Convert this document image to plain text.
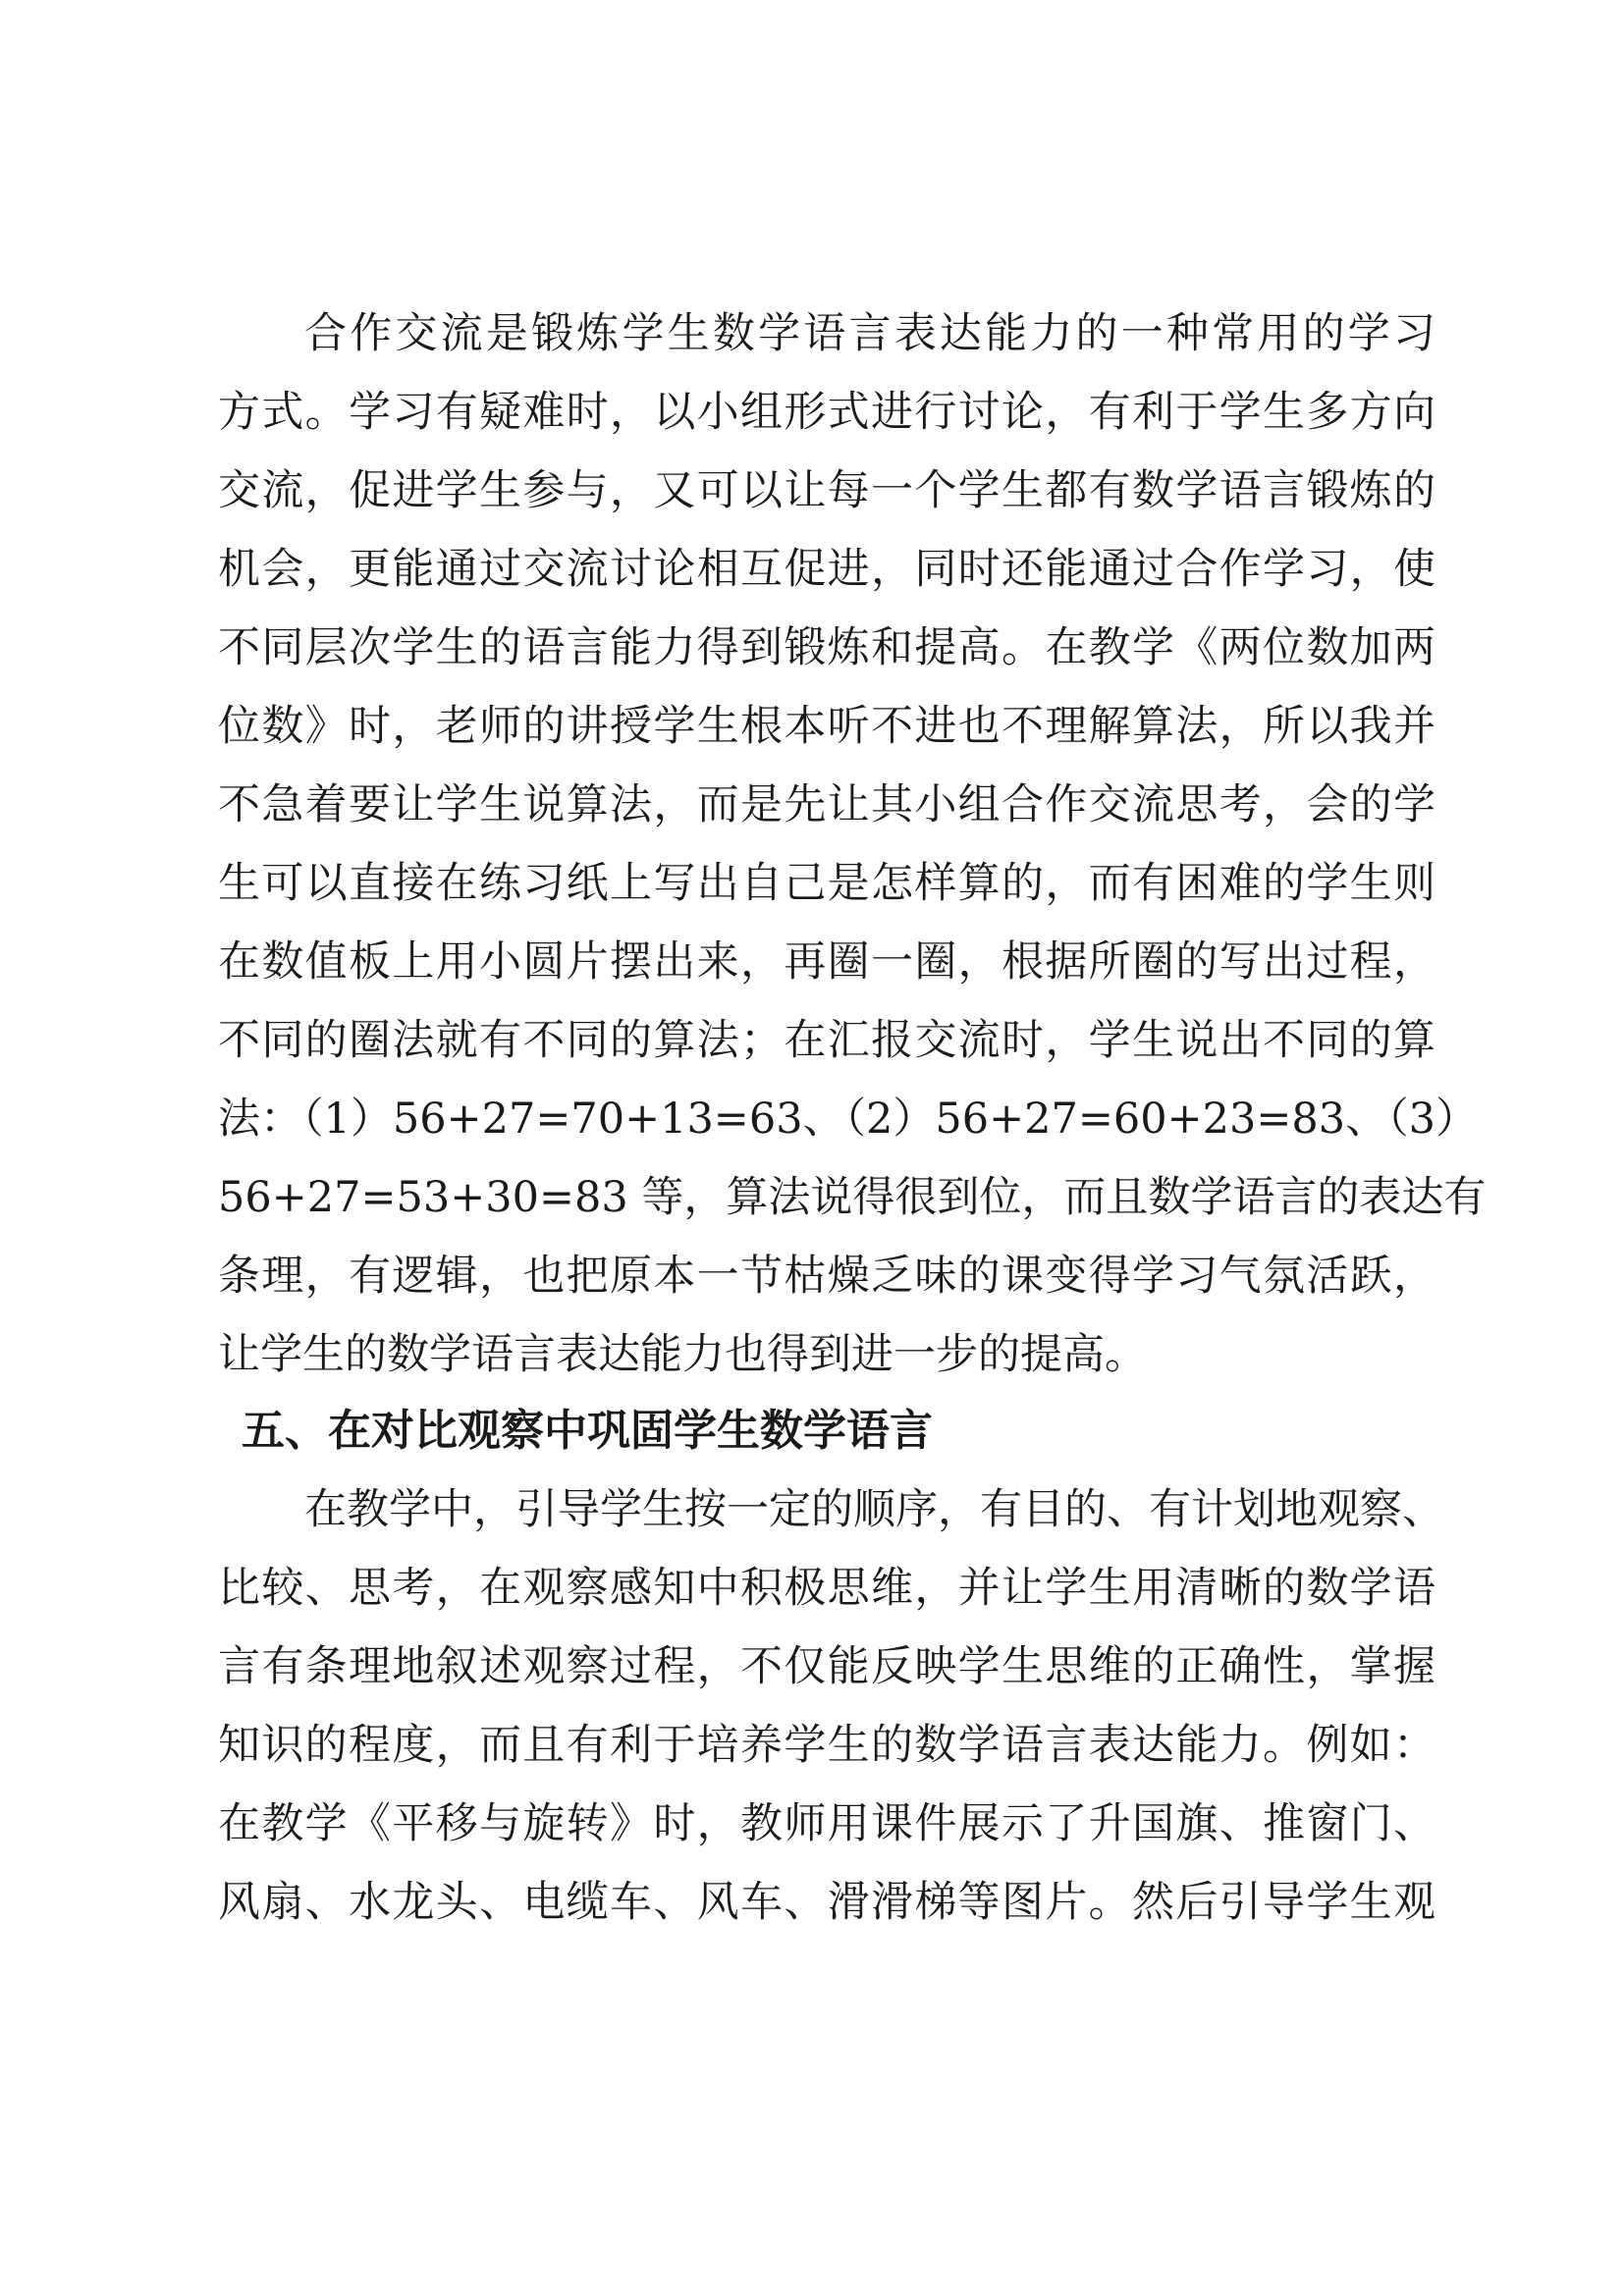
合作交流是锻炼学生数学语言表达能力的一种常用的学习
方式。学习有疑难时，以小组形式进行讨论，有利于学生多方向
交流，促进学生参与，又可以让每一个学生都有数学语言锻炼的
机会，更能通过交流讨论相互促进，同时还能通过合作学习，使
不同层次学生的语言能力得到锻炼和提高。在教学《两位数加两
位数》时，老师的讲授学生根本听不进也不理解算法，所以我并
不急着要让学生说算法，而是先让其小组合作交流思考，会的学
生可以直接在练习纸上写出自己是怎样算的，而有困难的学生则
在数值板上用小圆片摆出来，再圈一圈，根据所圈的写出过程，
不同的圈法就有不同的算法；在汇报交流时，学生说出不同的算
法：（1）56+27=70+13=63、（2）56+27=60+23=83、（3）
56+27=53+30=83 等，算法说得很到位，而且数学语言的表达有
条理，有逻辑，也把原本一节枯燥乏味的课变得学习气氛活跃，
让学生的数学语言表达能力也得到进一步的提高。
五、在对比观察中巩固学生数学语言
在教学中，引导学生按一定的顺序，有目的、有计划地观察、
比较、思考，在观察感知中积极思维，并让学生用清晰的数学语
言有条理地叙述观察过程，不仅能反映学生思维的正确性，掌握
知识的程度，而且有利于培养学生的数学语言表达能力。例如：
在教学《平移与旋转》时，教师用课件展示了升国旗、推窗门、
风扇、水龙头、电缆车、风车、滑滑梯等图片。然后引导学生观
